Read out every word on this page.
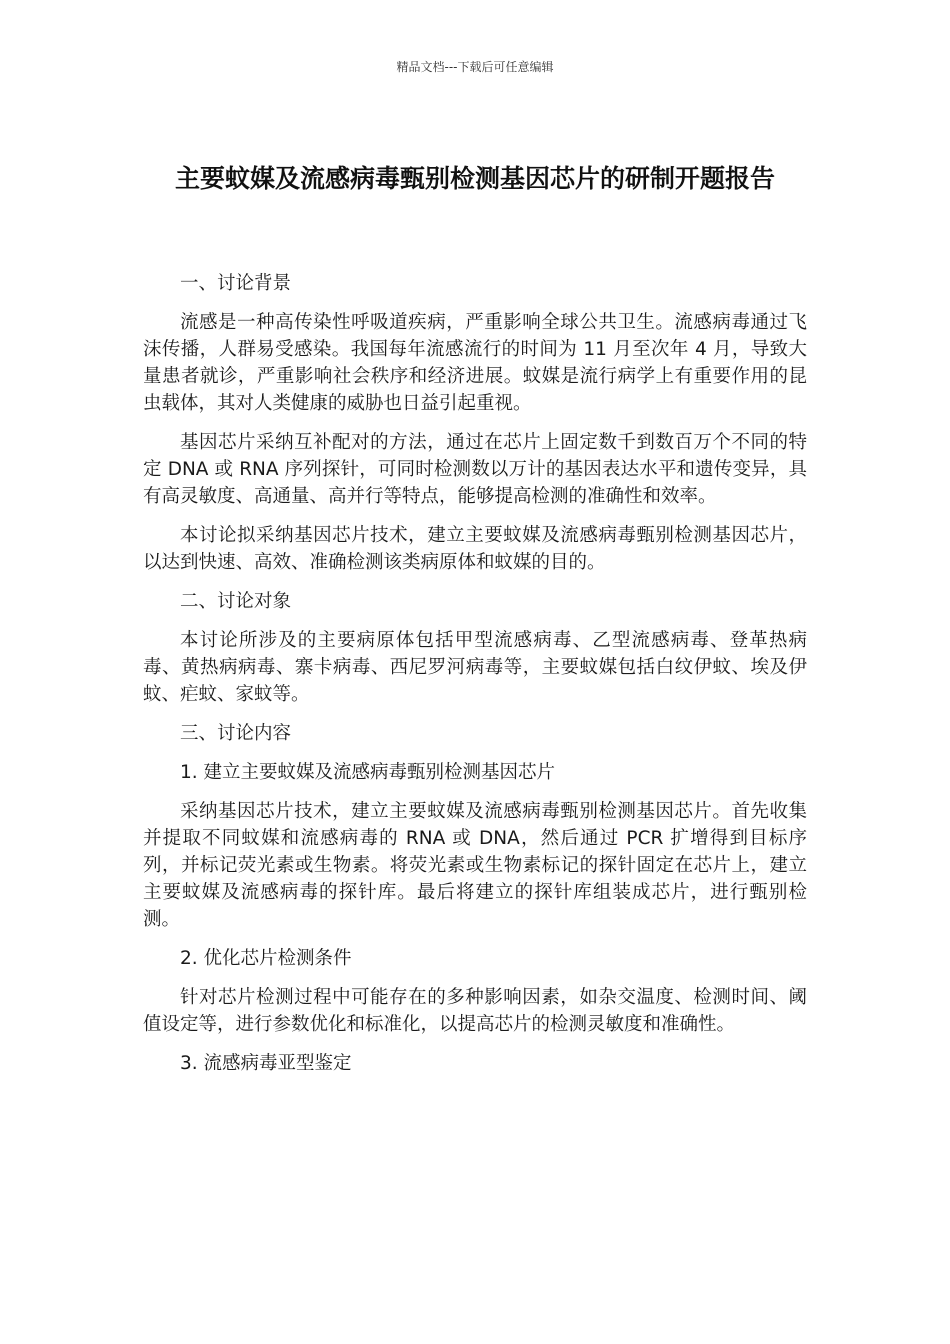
精品文档---下载后可任意编辑
主要蚊媒及流感病毒甄别检测基因芯片的研制开题报告
一、讨论背景

流感是一种高传染性呼吸道疾病，严重影响全球公共卫生。流感病毒通过飞沫传播，人群易受感染。我国每年流感流行的时间为 11 月至次年 4 月，导致大量患者就诊，严重影响社会秩序和经济进展。蚊媒是流行病学上有重要作用的昆虫载体，其对人类健康的威胁也日益引起重视。

基因芯片采纳互补配对的方法，通过在芯片上固定数千到数百万个不同的特定 DNA 或 RNA 序列探针，可同时检测数以万计的基因表达水平和遗传变异，具有高灵敏度、高通量、高并行等特点，能够提高检测的准确性和效率。

本讨论拟采纳基因芯片技术，建立主要蚊媒及流感病毒甄别检测基因芯片，以达到快速、高效、准确检测该类病原体和蚊媒的目的。

二、讨论对象

本讨论所涉及的主要病原体包括甲型流感病毒、乙型流感病毒、登革热病毒、黄热病病毒、寨卡病毒、西尼罗河病毒等，主要蚊媒包括白纹伊蚊、埃及伊蚊、疟蚊、家蚊等。

三、讨论内容
1. 建立主要蚊媒及流感病毒甄别检测基因芯片

采纳基因芯片技术，建立主要蚊媒及流感病毒甄别检测基因芯片。首先收集并提取不同蚊媒和流感病毒的 RNA 或 DNA，然后通过 PCR 扩增得到目标序列，并标记荧光素或生物素。将荧光素或生物素标记的探针固定在芯片上，建立主要蚊媒及流感病毒的探针库。最后将建立的探针库组装成芯片，进行甄别检测。

2. 优化芯片检测条件

针对芯片检测过程中可能存在的多种影响因素，如杂交温度、检测时间、阈值设定等，进行参数优化和标准化，以提高芯片的检测灵敏度和准确性。

3. 流感病毒亚型鉴定
